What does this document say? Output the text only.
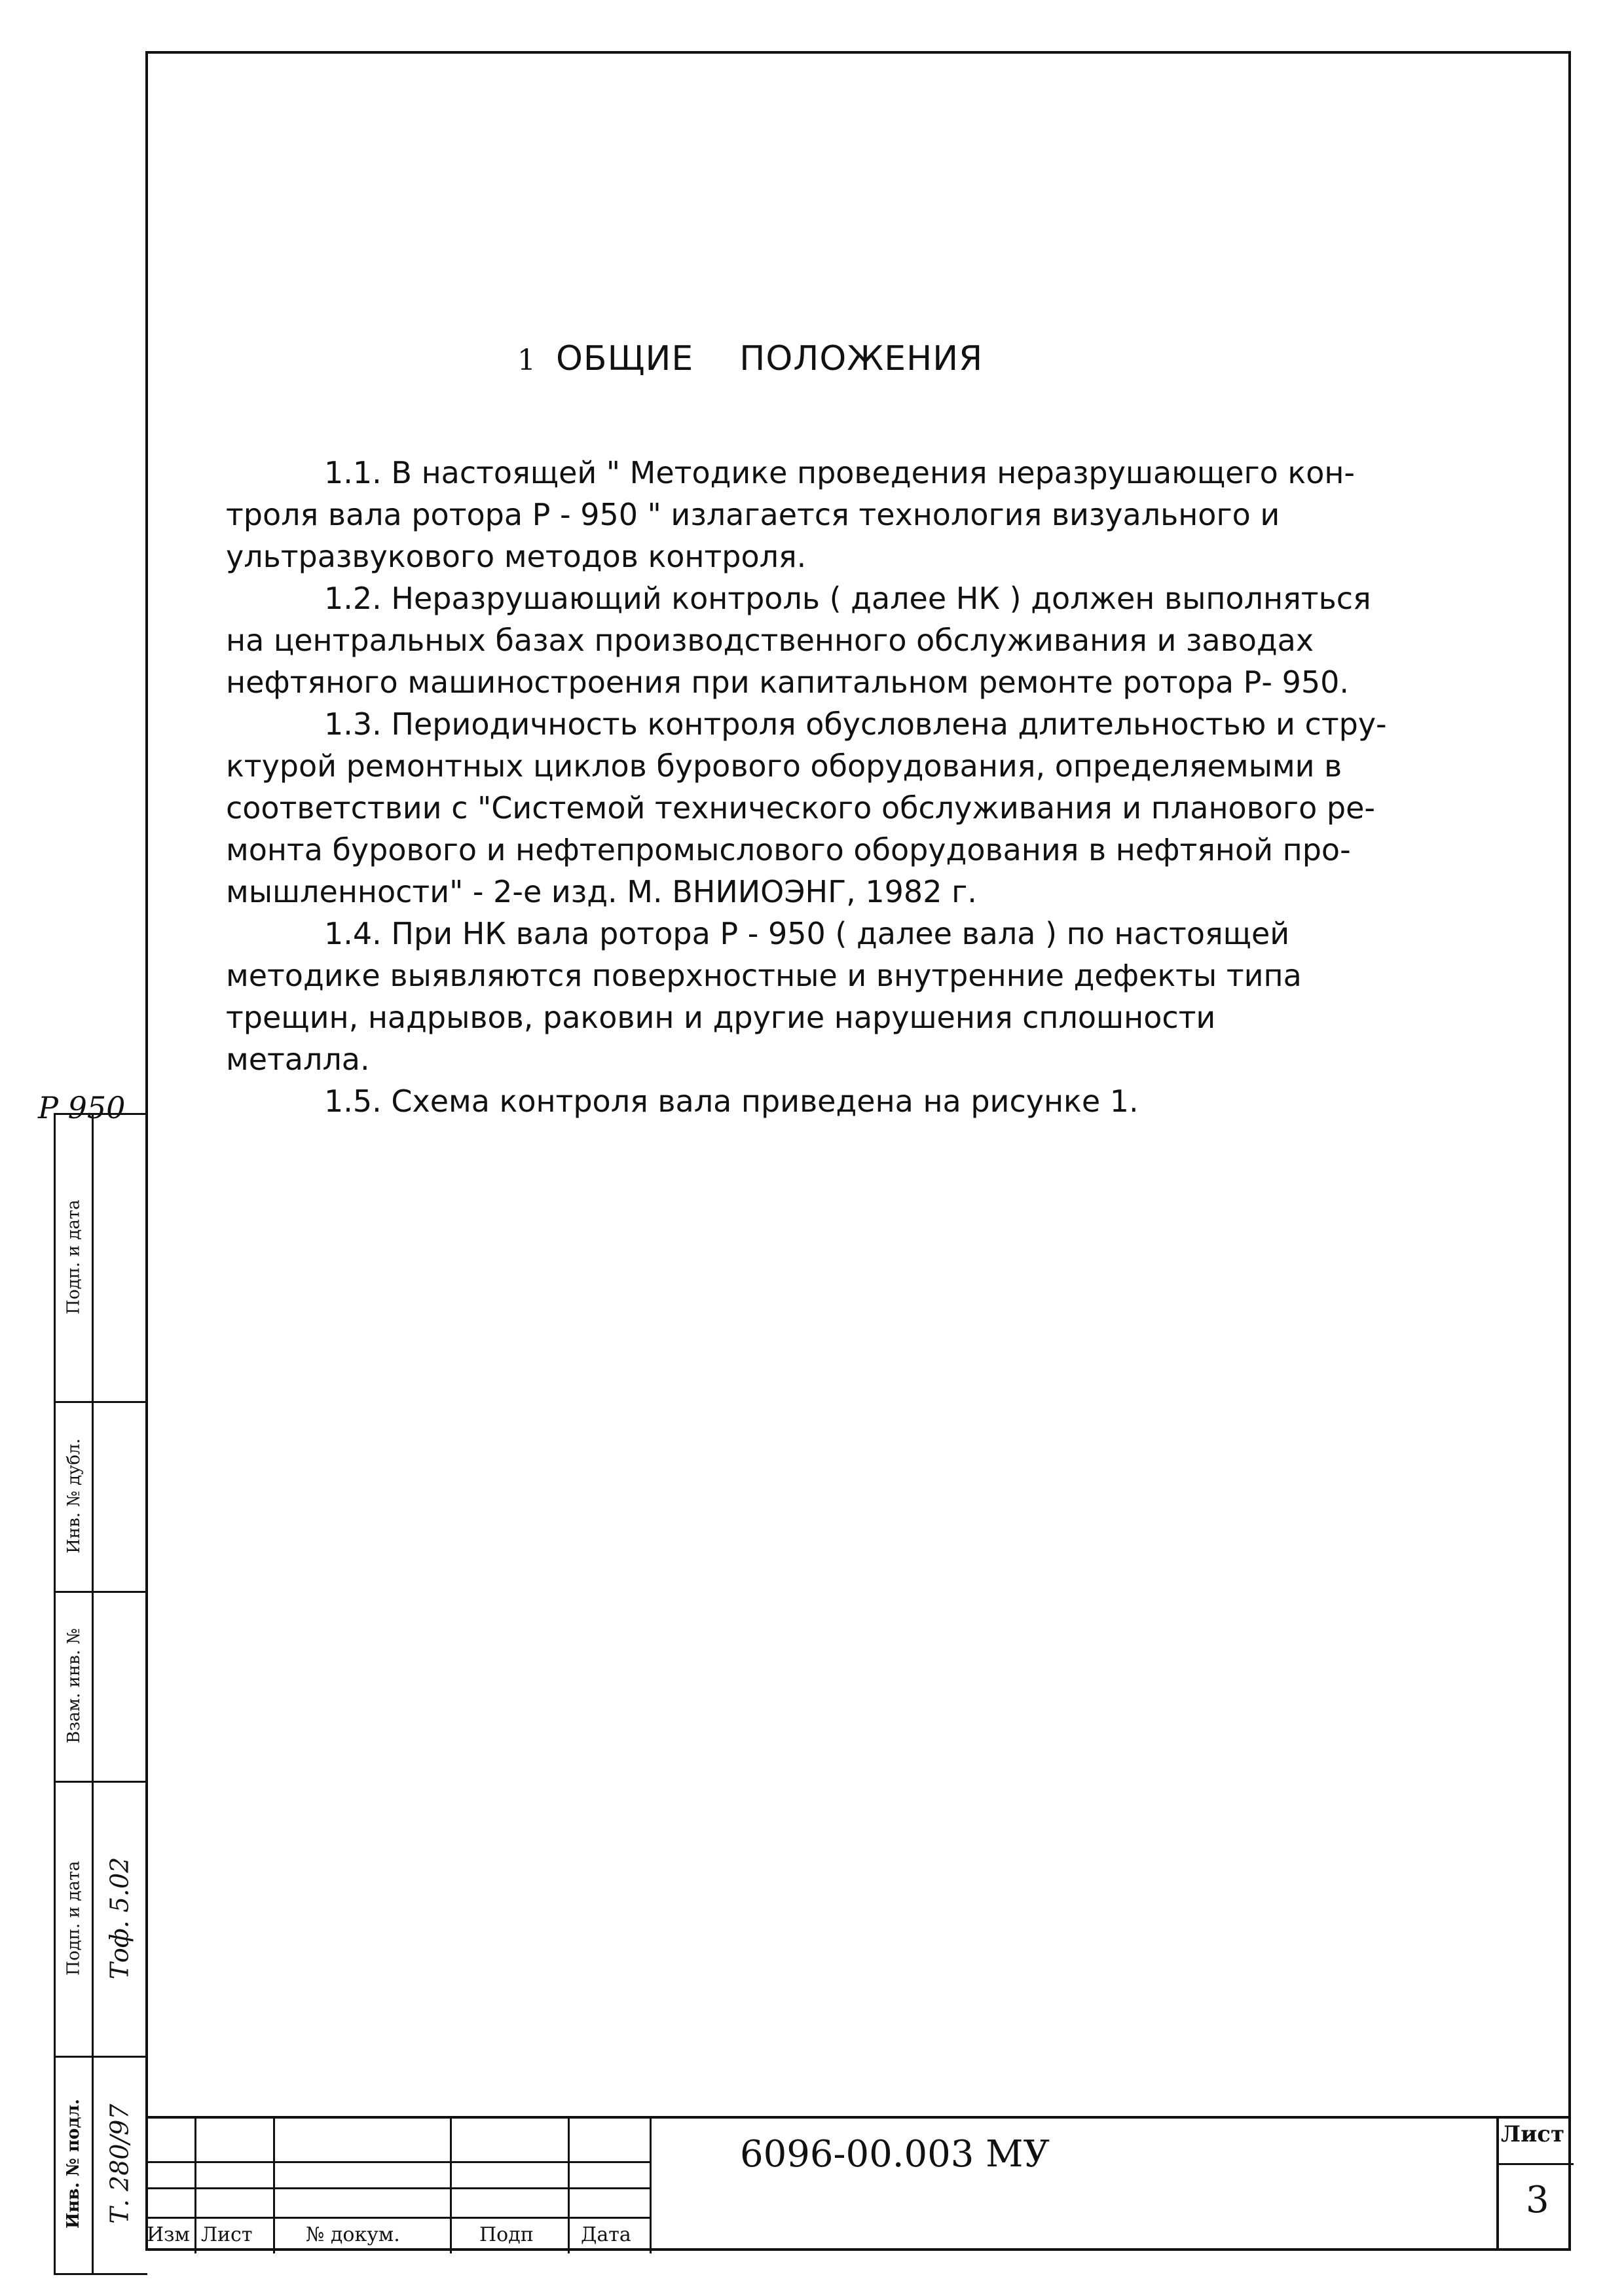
1 ОБЩИЕ ПОЛОЖЕНИЯ

1.1. В настоящей " Методике проведения неразрушающего кон-

троля вала ротора Р - 950 " излагается технология визуального и

ультразвукового методов контроля.

1.2. Неразрушающий контроль ( далее НК ) должен выполняться

на центральных базах производственного обслуживания и заводах

нефтяного машиностроения при капитальном ремонте ротора Р- 950.

1.3. Периодичность контроля обусловлена длительностью и стру-

ктурой ремонтных циклов бурового оборудования, определяемыми в

соответствии с "Системой технического обслуживания и планового ре-

монта бурового и нефтепромыслового оборудования в нефтяной про-

мышленности" - 2-е изд. М. ВНИИОЭНГ, 1982 г.

1.4. При НК вала ротора Р - 950 ( далее вала ) по настоящей

методике выявляются поверхностные и внутренние дефекты типа

трещин, надрывов, раковин и другие нарушения сплошности

металла.

1.5. Схема контроля вала приведена на рисунке 1.

Р 950
Подп. и дата
Инв. № дубл.
Взам. инв. №
Подп. и дата
Инв. № подл.
Тоф. 5.02
Т. 280/97
Изм Лист	№ докум.	Подп Дата
6096-00.003 МУ	Лист
3
